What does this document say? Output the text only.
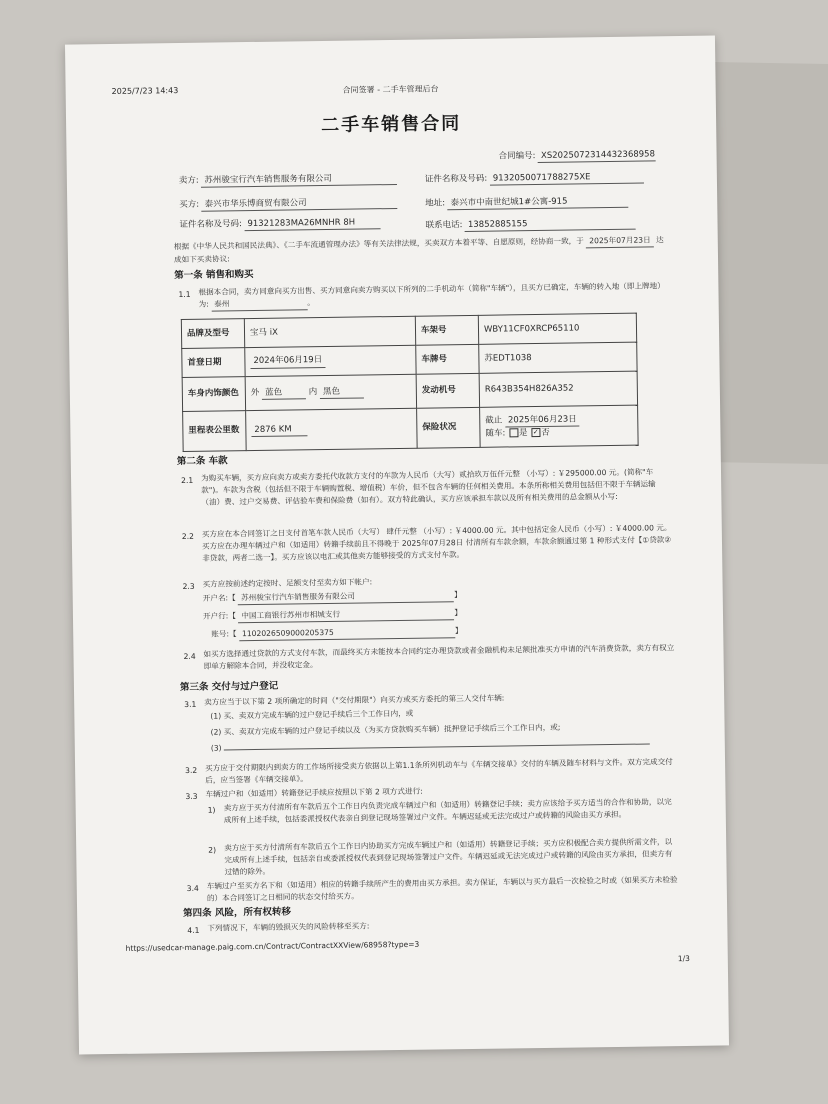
2025/7/23 14:43	合同签署 - 二手车管理后台
二手车销售合同
合同编号: XS2025072314432368958
卖方: 苏州骏宝行汽车销售服务有限公司	证件名称及号码: 9132050071788275XE
买方: 泰兴市华乐博商贸有限公司	地址: 泰兴市中南世纪城1#公寓-915
证件名称及号码: 91321283MA26MNHR 8H	联系电话: 13852885155
根据《中华人民共和国民法典》、《二手车流通管理办法》等有关法律法规，买卖双方本着平等、自愿原则，经协商一致，于 2025年07月23日 达成如下买卖协议:
第一条 销售和购买
1.1 根据本合同，卖方同意向买方出售、买方同意向卖方购买以下所列的二手机动车（简称"车辆"），且买方已确定，车辆的转入地（即上牌地）为: 泰州	。
品牌及型号	宝马 iX	车架号	WBY11CF0XRCP65110
首登日期	2024年06月19日	车牌号	苏EDT1038
车身内饰颜色	外 蓝色 内 黑色	发动机号	R643B354H826A352
里程表公里数	2876 KM	保险状况	截止 2025年06月23日
随车: 是 ✓ 否
第二条 车款
2.1 为购买车辆，买方应向卖方或卖方委托代收款方支付的车款为人民币（大写）贰拾玖万伍仟元整 （小写）: ￥295000.00 元。(简称"车款")。车款为含税（包括但不限于车辆购置税、增值税）车价，但不包含车辆的任何相关费用。本条所称相关费用包括但不限于车辆运输（油）费、过户交易费、评估验车费和保险费（如有）。双方特此确认，买方应该承担车款以及所有相关费用的总金额从小写:
2.2 买方应在本合同签订之日支付首笔车款人民币（大写） 肆仟元整 （小写）: ￥4000.00 元。其中包括定金人民币（小写）: ￥4000.00 元。买方应在办理车辆过户和（如适用）转籍手续前且不得晚于 2025年07月28日 付清所有车款余额，车款余额通过第 1 种形式支付【①贷款②非贷款，两者二选一】。买方应该以电汇或其他卖方能够接受的方式支付车款。
2.3 买方应按前述约定按时、足额支付至卖方如下帐户:
开户名:【 苏州骏宝行汽车销售服务有限公司	】
开户行:【 中国工商银行苏州市相城支行	】
账号:【 1102026509000205375	】
2.4 如买方选择通过贷款的方式支付车款，而最终买方未能按本合同约定办理贷款或者金融机构未足额批准买方申请的汽车消费贷款，卖方有权立即单方解除本合同，并没收定金。
第三条 交付与过户登记
3.1 卖方应当于以下第 2 项所确定的时间（"交付期限"）向买方或买方委托的第三人交付车辆:
(1) 买、卖双方完成车辆的过户登记手续后三个工作日内，或
(2) 买、卖双方完成车辆的过户登记手续以及（为买方贷款购买车辆）抵押登记手续后三个工作日内，或;
(3)
3.2 买方应于交付期限内到卖方的工作场所接受卖方依据以上第1.1条所列机动车与《车辆交接单》交付的车辆及随车材料与文件。双方完成交付后，应当签署《车辆交接单》。
3.3 车辆过户和（如适用）转籍登记手续应按照以下第 2 项方式进行:
1) 卖方应于买方付清所有车款后五个工作日内负责完成车辆过户和（如适用）转籍登记手续；卖方应该给予买方适当的合作和协助，以完成所有上述手续，包括委派授权代表亲自到登记现场签署过户文件。车辆迟延或无法完成过户或转籍的风险由买方承担。
2) 卖方应于买方付清所有车款后五个工作日内协助买方完成车辆过户和（如适用）转籍登记手续；买方应积极配合卖方提供所需文件，以完成所有上述手续，包括亲自或委派授权代表到登记现场签署过户文件。车辆迟延或无法完成过户或转籍的风险由买方承担，但卖方有过错的除外。
3.4 车辆过户至买方名下和（如适用）相应的转籍手续所产生的费用由买方承担。卖方保证，车辆以与买方最后一次检验之时或（如果买方未检验的）本合同签订之日相同的状态交付给买方。
第四条 风险，所有权转移
4.1 下列情况下，车辆的毁损灭失的风险转移至买方:
https://usedcar-manage.paig.com.cn/Contract/ContractXXView/68958?type=3
1/3
